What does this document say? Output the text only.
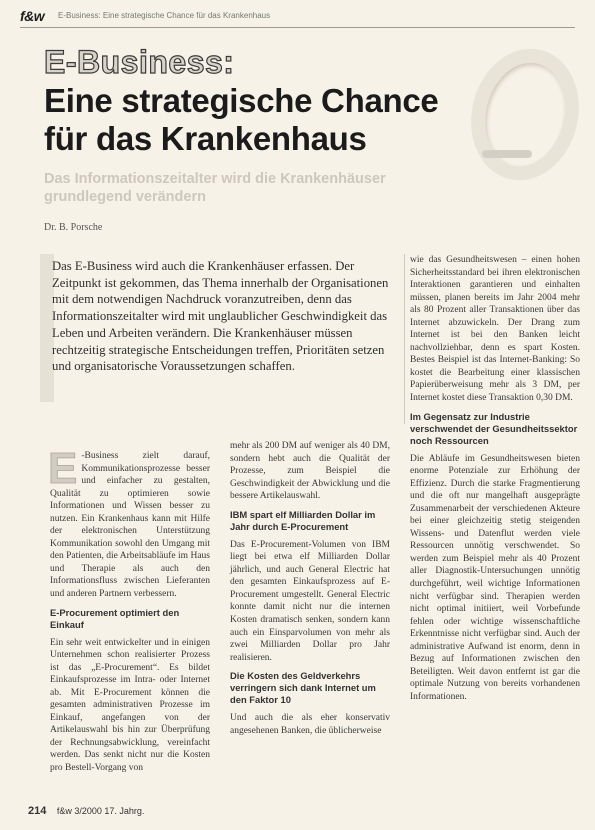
f&w E-Business: Eine strategische Chance für das Krankenhaus
E-Business:
Eine strategische Chance für das Krankenhaus
Das Informationszeitalter wird die Krankenhäuser grundlegend verändern
Dr. B. Porsche
Das E-Business wird auch die Krankenhäuser erfassen. Der Zeitpunkt ist gekommen, das Thema innerhalb der Organisationen mit dem notwendigen Nachdruck voranzutreiben, denn das Informationszeitalter wird mit unglaublicher Geschwindigkeit das Leben und Arbeiten verändern. Die Krankenhäuser müssen rechtzeitig strategische Entscheidungen treffen, Prioritäten setzen und organisatorische Voraussetzungen schaffen.

E -Business zielt darauf, Kommunikationsprozesse besser und einfacher zu gestalten, Qualität zu optimieren sowie Informationen und Wissen besser zu nutzen. Ein Krankenhaus kann mit Hilfe der elektronischen Unterstützung Kommunikation sowohl den Umgang mit den Patienten, die Arbeitsabläufe im Haus und Therapie als auch den Informationsfluss zwischen Lieferanten und anderen Partnern verbessern.

E-Procurement optimiert den Einkauf

Ein sehr weit entwickelter und in einigen Unternehmen schon realisierter Prozess ist das „E-Procurement“. Es bildet Einkaufsprozesse im Intra- oder Internet ab. Mit E-Procurement können die gesamten administrativen Prozesse im Einkauf, angefangen von der Artikelauswahl bis hin zur Überprüfung der Rechnungsabwicklung, vereinfacht werden. Das senkt nicht nur die Kosten pro Bestell-Vorgang von

mehr als 200 DM auf weniger als 40 DM, sondern hebt auch die Qualität der Prozesse, zum Beispiel die Geschwindigkeit der Abwicklung und die bessere Artikelauswahl.

IBM spart elf Milliarden Dollar im Jahr durch E-Procurement

Das E-Procurement-Volumen von IBM liegt bei etwa elf Milliarden Dollar jährlich, und auch General Electric hat den gesamten Einkaufsprozess auf E-Procurement umgestellt. General Electric konnte damit nicht nur die internen Kosten dramatisch senken, sondern kann auch ein Einsparvolumen von mehr als zwei Milliarden Dollar pro Jahr realisieren.

Die Kosten des Geldverkehrs verringern sich dank Internet um den Faktor 10

Und auch die als eher konservativ angesehenen Banken, die üblicherweise

wie das Gesundheitswesen – einen hohen Sicherheitsstandard bei ihren elektronischen Interaktionen garantieren und einhalten müssen, planen bereits im Jahr 2004 mehr als 80 Prozent aller Transaktionen über das Internet abzuwickeln. Der Drang zum Internet ist bei den Banken leicht nachvollziehbar, denn es spart Kosten. Bestes Beispiel ist das Internet-Banking: So kostet die Bearbeitung einer klassischen Papierüberweisung mehr als 3 DM, per Internet kostet diese Transaktion 0,30 DM.

Im Gegensatz zur Industrie verschwendet der Gesundheitssektor noch Ressourcen

Die Abläufe im Gesundheitswesen bieten enorme Potenziale zur Erhöhung der Effizienz. Durch die starke Fragmentierung und die oft nur mangelhaft ausgeprägte Zusammenarbeit der verschiedenen Akteure bei einer gleichzeitig stetig steigenden Wissens- und Datenflut werden viele Ressourcen unnötig verschwendet. So werden zum Beispiel mehr als 40 Prozent aller Diagnostik-Untersuchungen unnötig durchgeführt, weil wichtige Informationen nicht verfügbar sind. Therapien werden nicht optimal initiiert, weil Vorbefunde fehlen oder wichtige wissenschaftliche Erkenntnisse nicht verfügbar sind. Auch der administrative Aufwand ist enorm, denn in Bezug auf Informationen zwischen den Beteiligten. Weit davon entfernt ist gar die optimale Nutzung von bereits vorhandenen Informationen.

214 f&w 3/2000 17. Jahrg.
